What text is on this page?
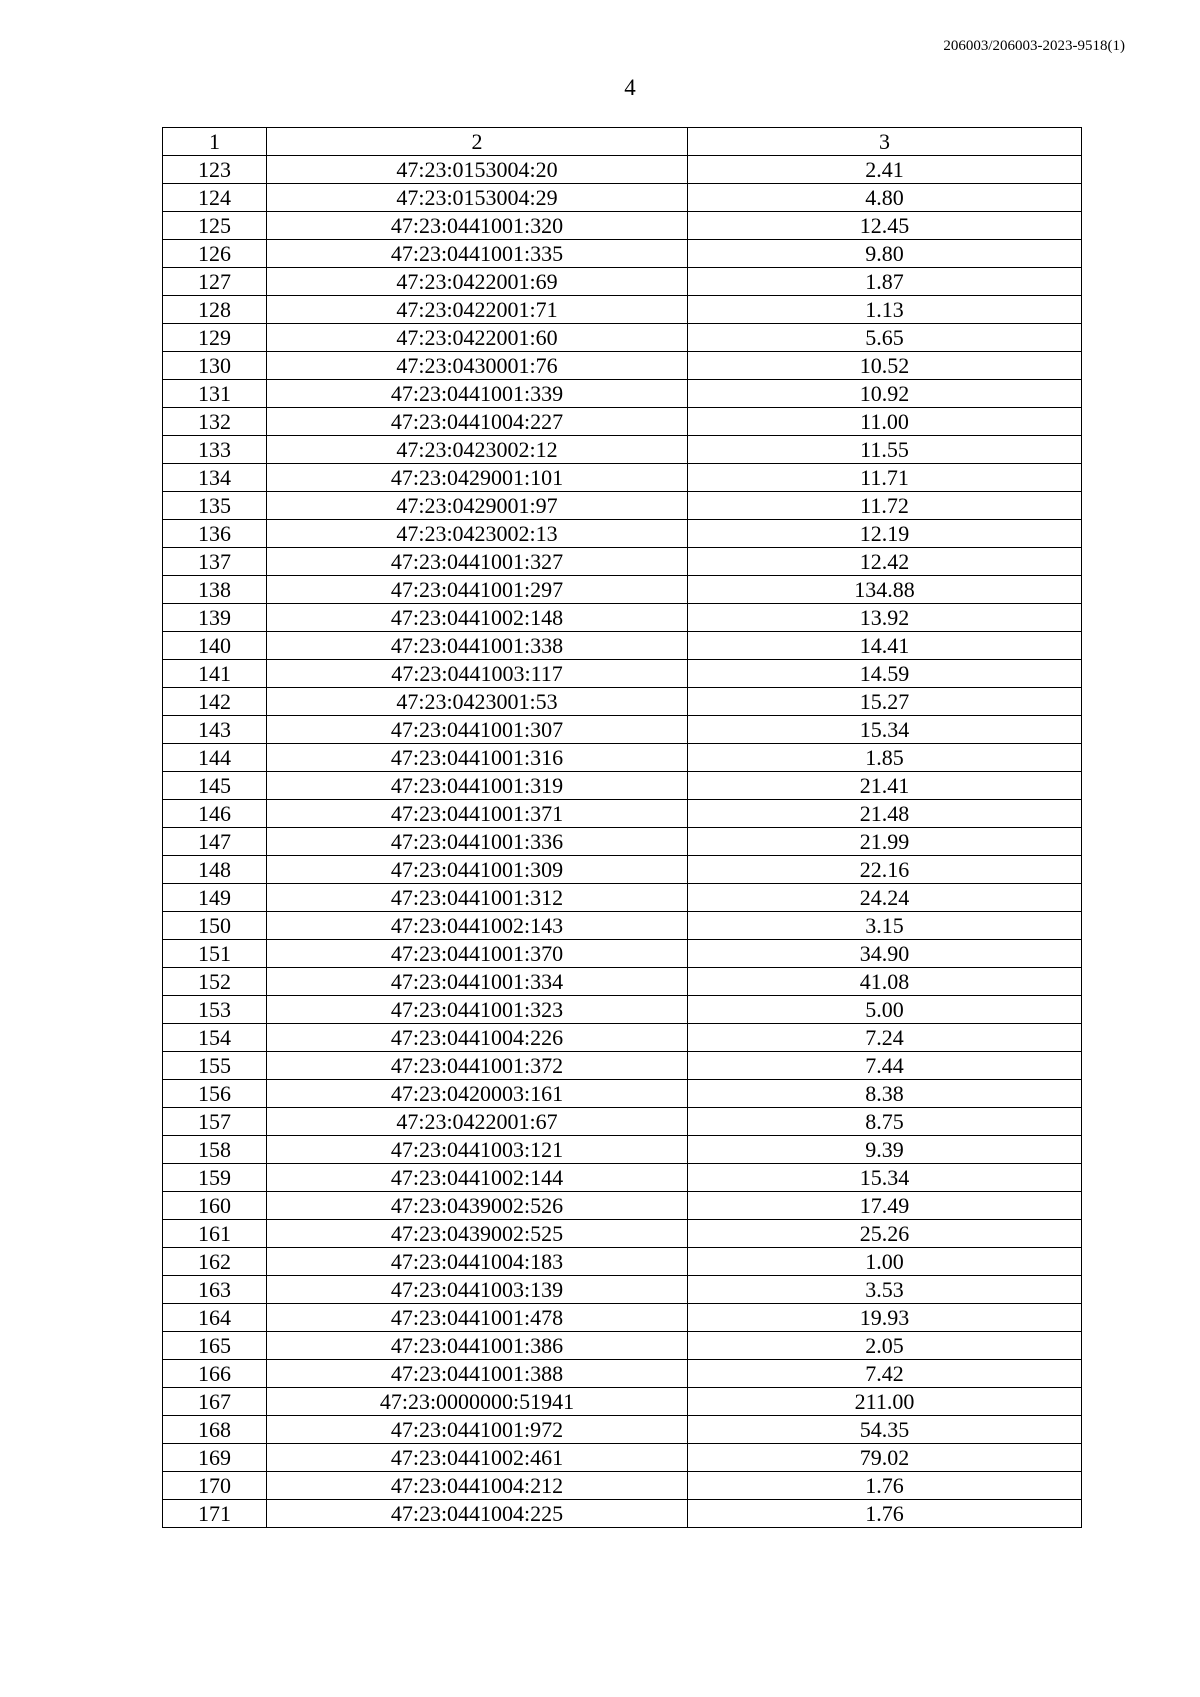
206003/206003-2023-9518(1)
4
1	2	3
123	47:23:0153004:20	2.41
124	47:23:0153004:29	4.80
125	47:23:0441001:320	12.45
126	47:23:0441001:335	9.80
127	47:23:0422001:69	1.87
128	47:23:0422001:71	1.13
129	47:23:0422001:60	5.65
130	47:23:0430001:76	10.52
131	47:23:0441001:339	10.92
132	47:23:0441004:227	11.00
133	47:23:0423002:12	11.55
134	47:23:0429001:101	11.71
135	47:23:0429001:97	11.72
136	47:23:0423002:13	12.19
137	47:23:0441001:327	12.42
138	47:23:0441001:297	134.88
139	47:23:0441002:148	13.92
140	47:23:0441001:338	14.41
141	47:23:0441003:117	14.59
142	47:23:0423001:53	15.27
143	47:23:0441001:307	15.34
144	47:23:0441001:316	1.85
145	47:23:0441001:319	21.41
146	47:23:0441001:371	21.48
147	47:23:0441001:336	21.99
148	47:23:0441001:309	22.16
149	47:23:0441001:312	24.24
150	47:23:0441002:143	3.15
151	47:23:0441001:370	34.90
152	47:23:0441001:334	41.08
153	47:23:0441001:323	5.00
154	47:23:0441004:226	7.24
155	47:23:0441001:372	7.44
156	47:23:0420003:161	8.38
157	47:23:0422001:67	8.75
158	47:23:0441003:121	9.39
159	47:23:0441002:144	15.34
160	47:23:0439002:526	17.49
161	47:23:0439002:525	25.26
162	47:23:0441004:183	1.00
163	47:23:0441003:139	3.53
164	47:23:0441001:478	19.93
165	47:23:0441001:386	2.05
166	47:23:0441001:388	7.42
167	47:23:0000000:51941	211.00
168	47:23:0441001:972	54.35
169	47:23:0441002:461	79.02
170	47:23:0441004:212	1.76
171	47:23:0441004:225	1.76
